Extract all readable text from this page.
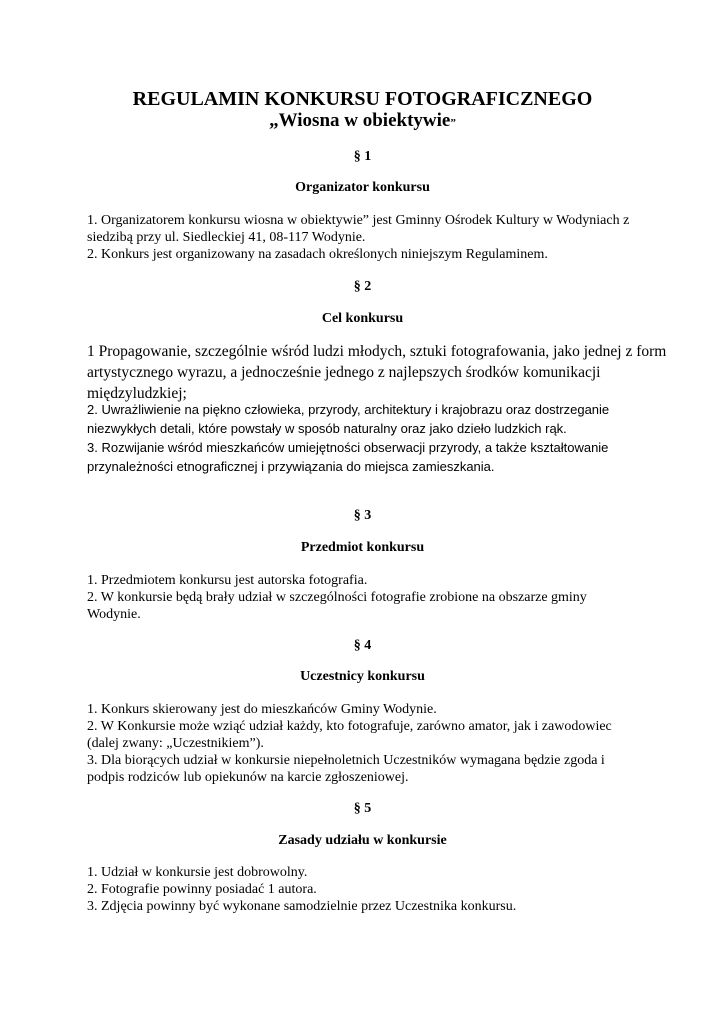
REGULAMIN KONKURSU FOTOGRAFICZNEGO
„Wiosna w obiektywie”

§ 1

Organizator konkursu

1. Organizatorem konkursu wiosna w obiektywie” jest Gminny Ośrodek Kultury w Wodyniach z
siedzibą przy ul. Siedleckiej 41, 08-117 Wodynie.
2. Konkurs jest organizowany na zasadach określonych niniejszym Regulaminem.

§ 2

Cel konkursu

1 Propagowanie, szczególnie wśród ludzi młodych, sztuki fotografowania, jako jednej z form
artystycznego wyrazu, a jednocześnie jednego z najlepszych środków komunikacji
międzyludzkiej;
2. Uwrażliwienie na piękno człowieka, przyrody, architektury i krajobrazu oraz dostrzeganie
niezwykłych detali, które powstały w sposób naturalny oraz jako dzieło ludzkich rąk.
3. Rozwijanie wśród mieszkańców umiejętności obserwacji przyrody, a także kształtowanie
przynależności etnograficznej i przywiązania do miejsca zamieszkania.

§ 3

Przedmiot konkursu

1. Przedmiotem konkursu jest autorska fotografia.
2. W konkursie będą brały udział w szczególności fotografie zrobione na obszarze gminy
Wodynie.

§ 4

Uczestnicy konkursu

1. Konkurs skierowany jest do mieszkańców Gminy Wodynie.
2. W Konkursie może wziąć udział każdy, kto fotografuje, zarówno amator, jak i zawodowiec
(dalej zwany: „Uczestnikiem”).
3. Dla biorących udział w konkursie niepełnoletnich Uczestników wymagana będzie zgoda i
podpis rodziców lub opiekunów na karcie zgłoszeniowej.

§ 5

Zasady udziału w konkursie

1. Udział w konkursie jest dobrowolny.
2. Fotografie powinny posiadać 1 autora.
3. Zdjęcia powinny być wykonane samodzielnie przez Uczestnika konkursu.
